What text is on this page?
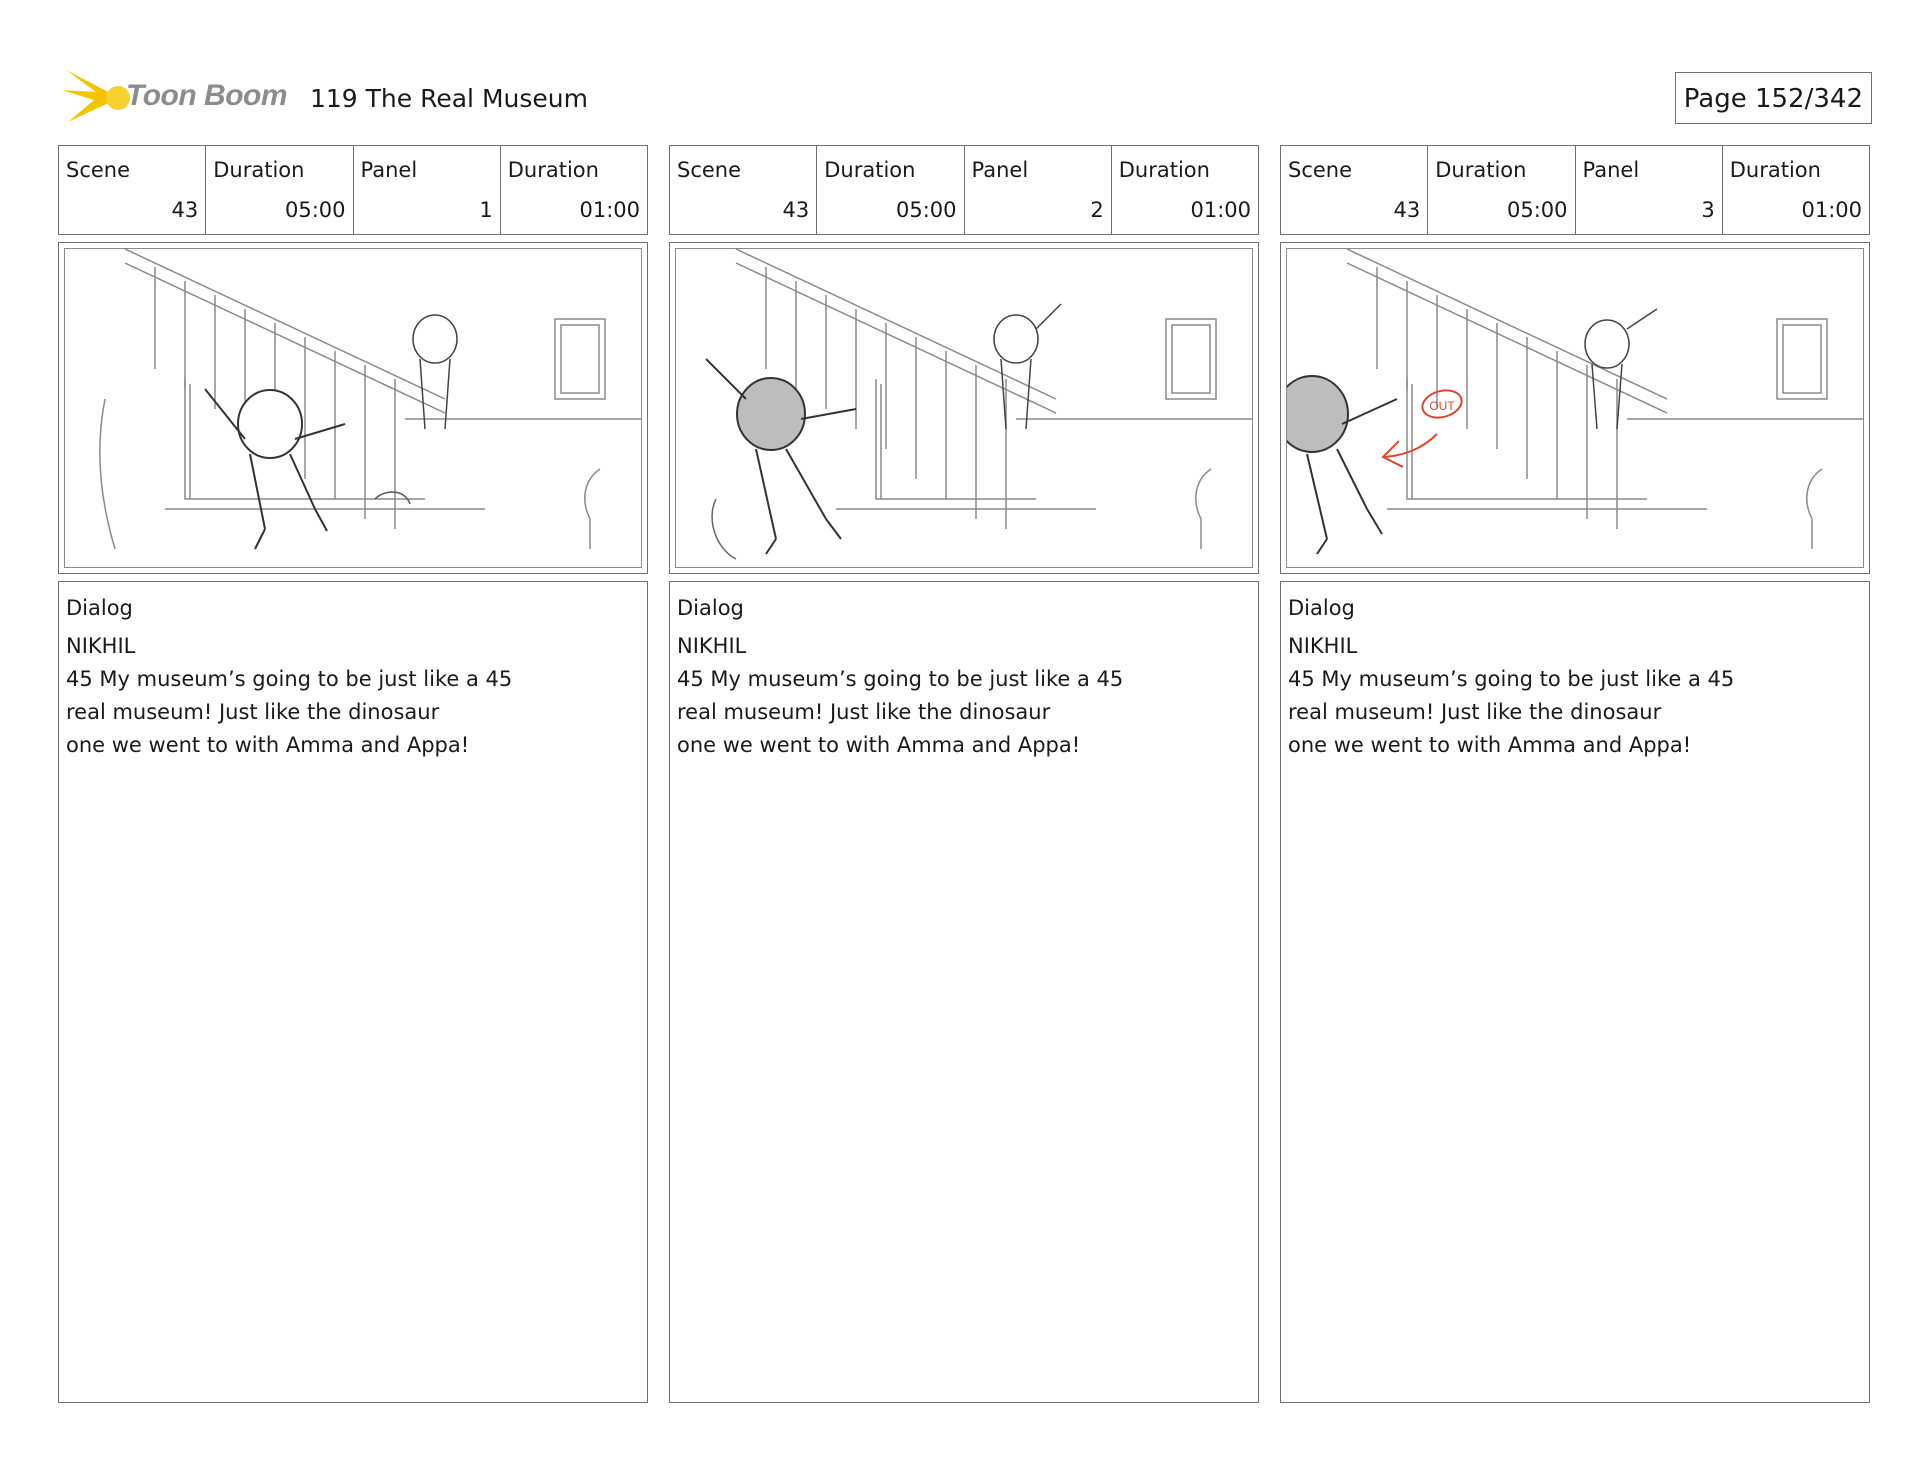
Toon Boom 119 The Real Museum	Page 152/342
Scene
43
Duration
05:00
Panel
1
Duration
01:00
Dialog
NIKHIL
45 My museum’s going to be just like a 45
real museum! Just like the dinosaur
one we went to with Amma and Appa!
Scene
43
Duration
05:00
Panel
2
Duration
01:00
Dialog
NIKHIL
45 My museum’s going to be just like a 45
real museum! Just like the dinosaur
one we went to with Amma and Appa!
Scene
43
Duration
05:00
Panel
3
Duration
01:00
OUT
Dialog
NIKHIL
45 My museum’s going to be just like a 45
real museum! Just like the dinosaur
one we went to with Amma and Appa!
